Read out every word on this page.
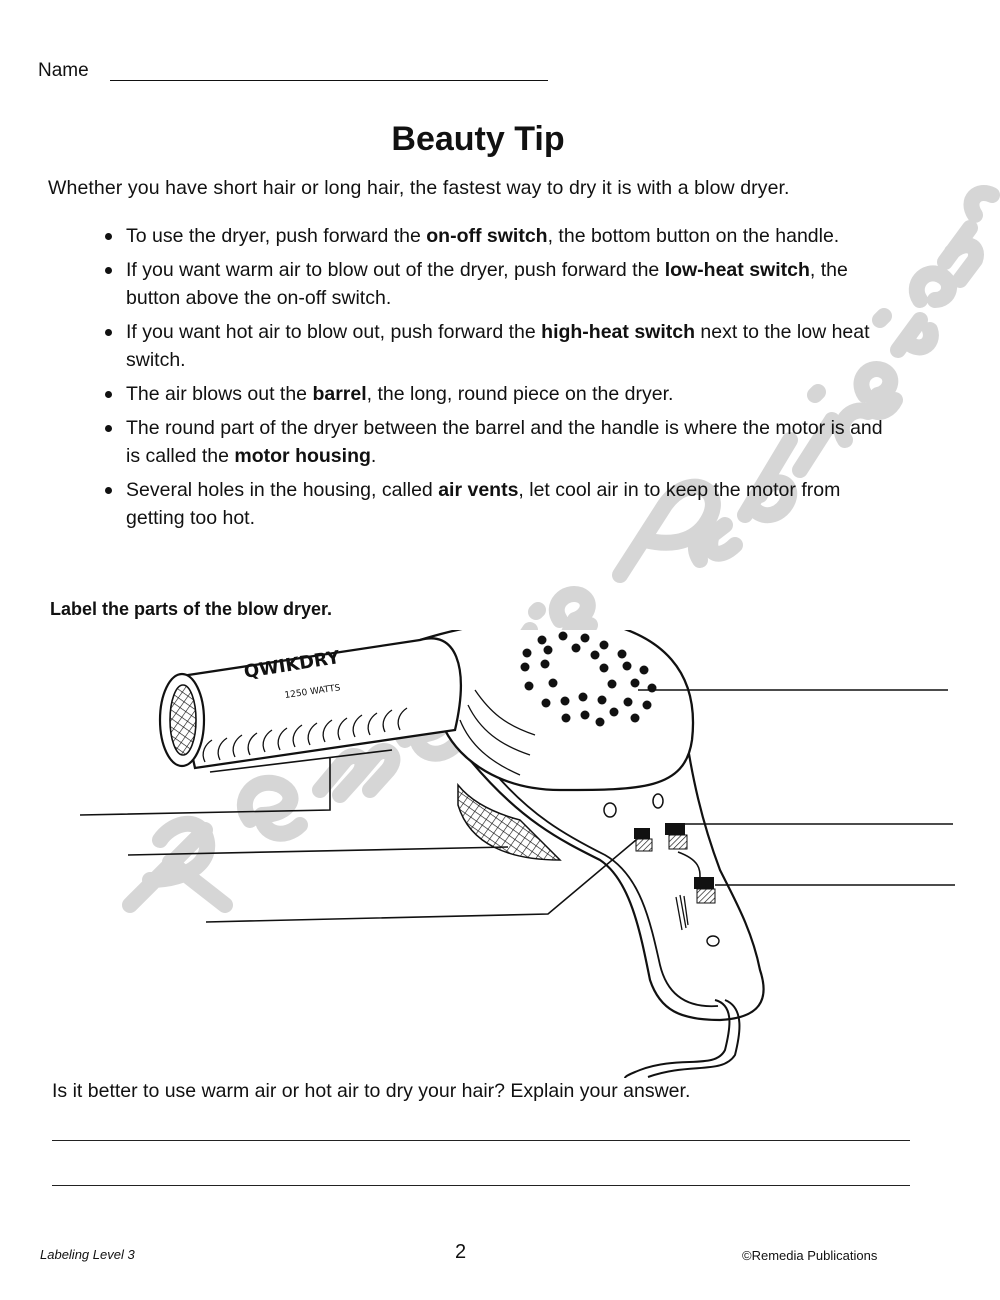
Name
Beauty Tip
Whether you have short hair or long hair, the fastest way to dry it is with a blow dryer.
To use the dryer, push forward the on-off switch, the bottom button on the handle.
If you want warm air to blow out of the dryer, push forward the low-heat switch, the button above the on-off switch.
If you want hot air to blow out, push forward the high-heat switch next to the low heat switch.
The air blows out the barrel, the long, round piece on the dryer.
The round part of the dryer between the barrel and the handle is where the motor is and is called the motor housing.
Several holes in the housing, called air vents, let cool air in to keep the motor from getting too hot.
Label the parts of the blow dryer.
QWIKDRY
1250 WATTS
Is it better to use warm air or hot air to dry your hair? Explain your answer.
Labeling Level 3	2	©Remedia Publications
